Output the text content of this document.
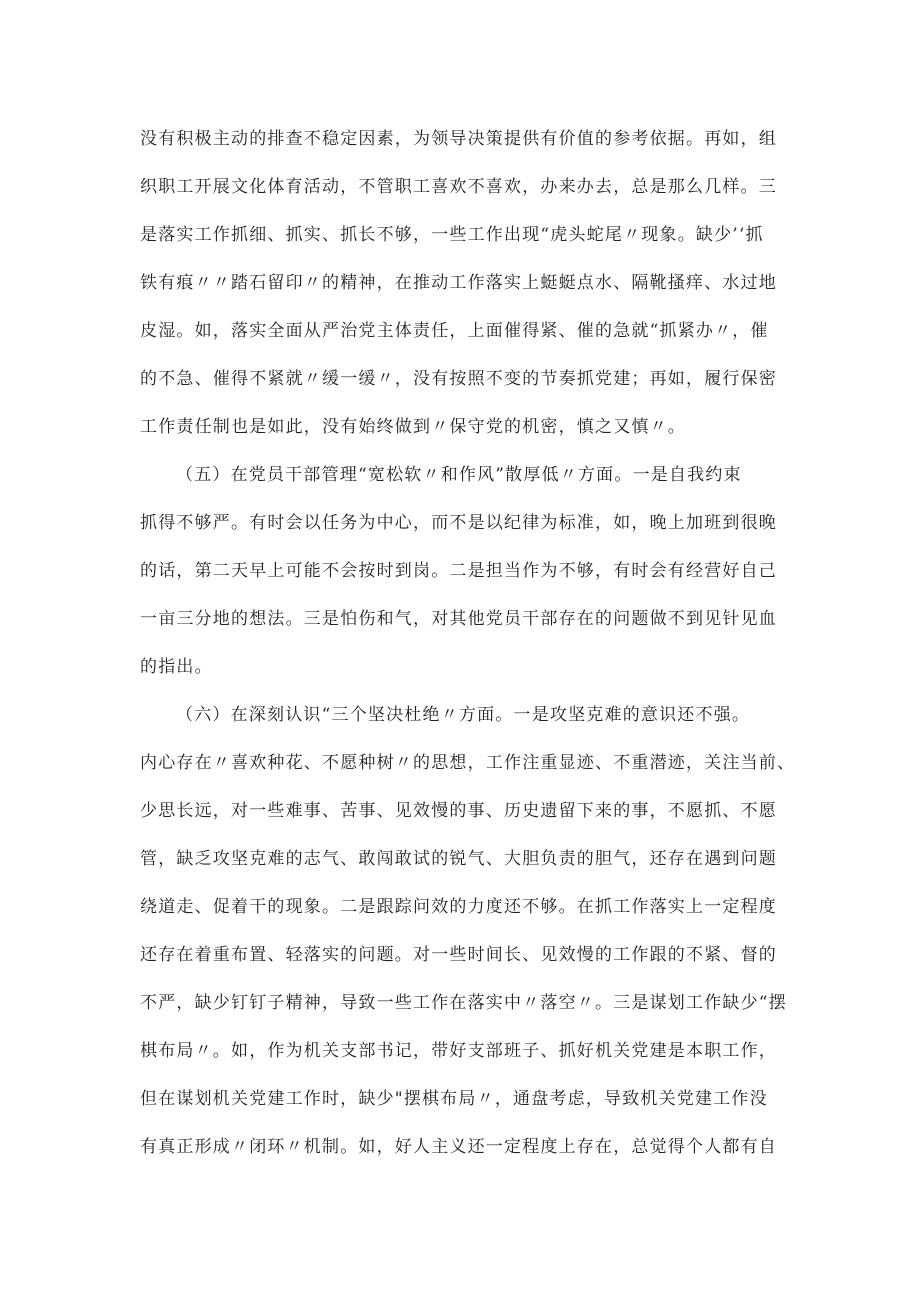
没有积极主动的排查不稳定因素，为领导决策提供有价值的参考依据。再如，组
织职工开展文化体育活动，不管职工喜欢不喜欢，办来办去，总是那么几样。三
是落实工作抓细、抓实、抓长不够，一些工作出现“虎头蛇尾〃现象。缺少’‘抓
铁有痕〃〃踏石留印〃的精神，在推动工作落实上蜓蜓点水、隔靴搔痒、水过地
皮湿。如，落实全面从严治党主体责任，上面催得紧、催的急就“抓紧办〃，催
的不急、催得不紧就〃缓一缓〃，没有按照不变的节奏抓党建；再如，履行保密
工作责任制也是如此，没有始终做到〃保守党的机密，慎之又慎〃。
（五）在党员干部管理“宽松软〃和作风”散厚低〃方面。一是自我约束
抓得不够严。有时会以任务为中心，而不是以纪律为标准，如，晚上加班到很晚
的话，第二天早上可能不会按时到岗。二是担当作为不够，有时会有经营好自己
一亩三分地的想法。三是怕伤和气，对其他党员干部存在的问题做不到见针见血
的指出。
（六）在深刻认识“三个坚决杜绝〃方面。一是攻坚克难的意识还不强。
内心存在〃喜欢种花、不愿种树〃的思想，工作注重显迹、不重潜迹，关注当前、
少思长远，对一些难事、苦事、见效慢的事、历史遗留下来的事，不愿抓、不愿
管，缺乏攻坚克难的志气、敢闯敢试的锐气、大胆负责的胆气，还存在遇到问题
绕道走、促着干的现象。二是跟踪问效的力度还不够。在抓工作落实上一定程度
还存在着重布置、轻落实的问题。对一些时间长、见效慢的工作跟的不紧、督的
不严，缺少钉钉子精神，导致一些工作在落实中〃落空〃。三是谋划工作缺少“摆
棋布局〃。如，作为机关支部书记，带好支部班子、抓好机关党建是本职工作，
但在谋划机关党建工作时，缺少"摆棋布局〃，通盘考虑，导致机关党建工作没
有真正形成〃闭环〃机制。如，好人主义还一定程度上存在，总觉得个人都有自
